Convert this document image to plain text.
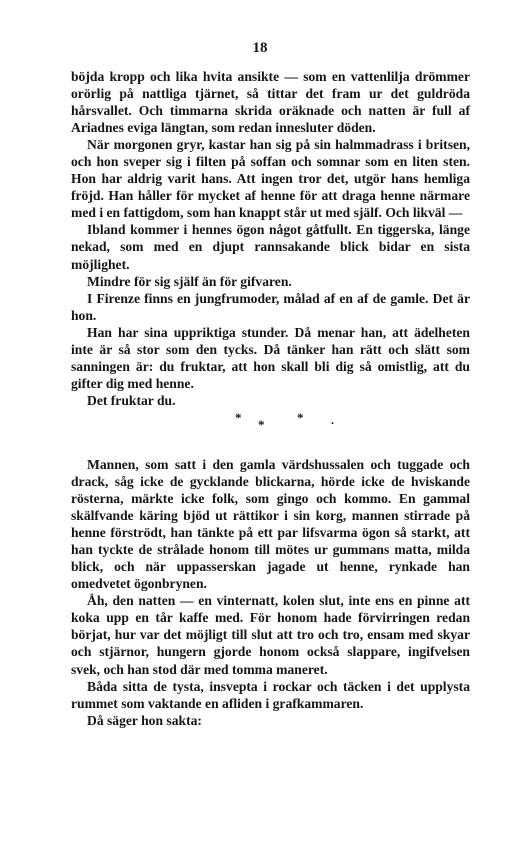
18

böjda kropp och lika hvita ansikte — som en vattenlilja drömmer orörlig på nattliga tjärnet, så tittar det fram ur det guldröda hårsvallet. Och timmarna skrida oräknade och natten är full af Ariadnes eviga längtan, som redan innesluter döden.

När morgonen gryr, kastar han sig på sin halmmadrass i britsen, och hon sveper sig i filten på soffan och somnar som en liten sten. Hon har aldrig varit hans. Att ingen tror det, utgör hans hemliga fröjd. Han håller för mycket af henne för att draga henne närmare med i en fattigdom, som han knappt står ut med själf. Och likväl —

Ibland kommer i hennes ögon något gåtfullt. En tiggerska, länge nekad, som med en djupt rannsakande blick bidar en sista möjlighet.

Mindre för sig själf än för gifvaren.

I Firenze finns en jungfrumoder, målad af en af de gamle. Det är hon.

Han har sina uppriktiga stunder. Då menar han, att ädelheten inte är så stor som den tycks. Då tänker han rätt och slätt som sanningen är: du fruktar, att hon skall bli dig så omistlig, att du gifter dig med henne.

Det fruktar du.

* *	* .

Mannen, som satt i den gamla värdshussalen och tuggade och drack, såg icke de gycklande blickarna, hörde icke de hviskande rösterna, märkte icke folk, som gingo och kommo. En gammal skälfvande käring bjöd ut rättikor i sin korg, mannen stirrade på henne förströdt, han tänkte på ett par lifsvarma ögon så starkt, att han tyckte de strålade honom till mötes ur gummans matta, milda blick, och när uppasserskan jagade ut henne, rynkade han omedvetet ögonbrynen.

Åh, den natten — en vinternatt, kolen slut, inte ens en pinne att koka upp en tår kaffe med. För honom hade förvirringen redan börjat, hur var det möjligt till slut att tro och tro, ensam med skyar och stjärnor, hungern gjorde honom också slappare, ingifvelsen svek, och han stod där med tomma maneret.

Båda sitta de tysta, insvepta i rockar och täcken i det upplysta rummet som vaktande en afliden i grafkammaren.

Då säger hon sakta:
